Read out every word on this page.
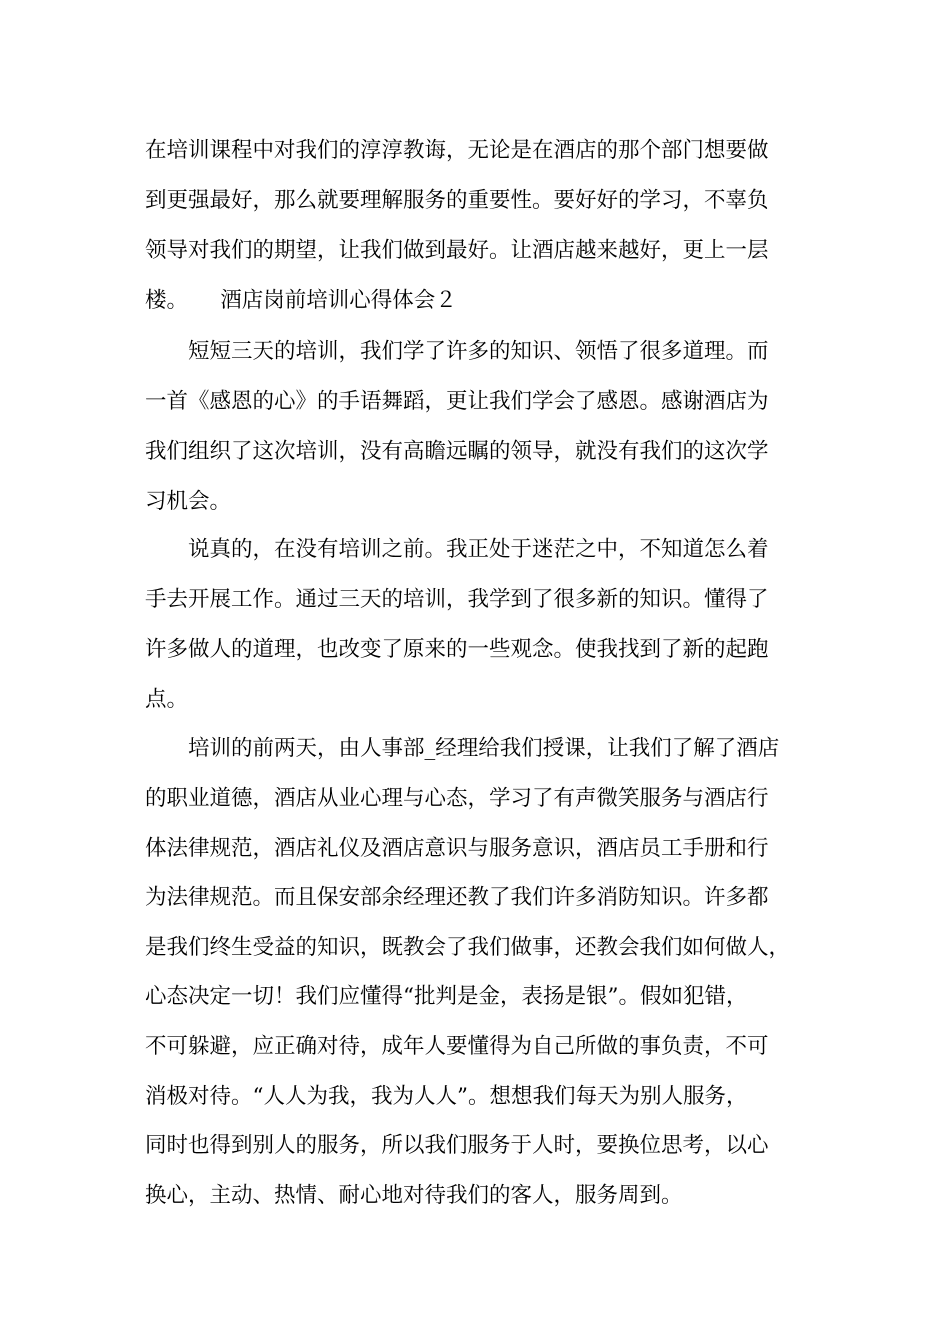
在培训课程中对我们的淳淳教诲，无论是在酒店的那个部门想要做
到更强最好，那么就要理解服务的重要性。要好好的学习，不辜负
领导对我们的期望，让我们做到最好。让酒店越来越好，更上一层
楼。　　酒店岗前培训心得体会２
短短三天的培训，我们学了许多的知识、领悟了很多道理。而
一首《感恩的心》的手语舞蹈，更让我们学会了感恩。感谢酒店为
我们组织了这次培训，没有高瞻远瞩的领导，就没有我们的这次学
习机会。
说真的，在没有培训之前。我正处于迷茫之中，不知道怎么着
手去开展工作。通过三天的培训，我学到了很多新的知识。懂得了
许多做人的道理，也改变了原来的一些观念。使我找到了新的起跑
点。
培训的前两天，由人事部_经理给我们授课，让我们了解了酒店
的职业道德，酒店从业心理与心态，学习了有声微笑服务与酒店行
体法律规范，酒店礼仪及酒店意识与服务意识，酒店员工手册和行
为法律规范。而且保安部余经理还教了我们许多消防知识。许多都
是我们终生受益的知识，既教会了我们做事，还教会我们如何做人，
心态决定一切！我们应懂得“批判是金，表扬是银”。假如犯错，
不可躲避，应正确对待，成年人要懂得为自己所做的事负责，不可
消极对待。“人人为我，我为人人”。想想我们每天为别人服务，
同时也得到别人的服务，所以我们服务于人时，要换位思考，以心
换心，主动、热情、耐心地对待我们的客人，服务周到。
